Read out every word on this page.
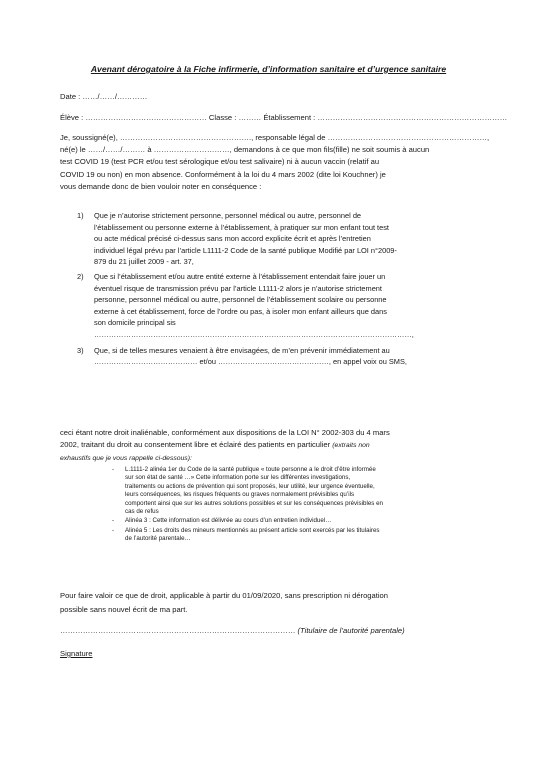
Avenant dérogatoire à la Fiche infirmerie, d’information sanitaire et d’urgence sanitaire
Date : ……/……/…………
Élève : ………………………………………… Classe : ……… Établissement : …………………………………………………………………
Je, soussigné(e), ……………………………………………., responsable légal de ………………………………………………………,
né(e) le ……/……/……… à …………………………, demandons à ce que mon fils(fille) ne soit soumis à aucun
test COVID 19 (test PCR et/ou test sérologique et/ou test salivaire) ni à aucun vaccin (relatif au
COVID 19 ou non) en mon absence. Conformément à la loi du 4 mars 2002 (dite loi Kouchner) je
vous demande donc de bien vouloir noter en conséquence :
1) Que je n’autorise strictement personne, personnel médical ou autre, personnel de
l’établissement ou personne externe à l’établissement, à pratiquer sur mon enfant tout test
ou acte médical précisé ci-dessus sans mon accord explicite écrit et après l’entretien
individuel légal prévu par l’article L1111-2 Code de la santé publique Modifié par LOI n°2009-
879 du 21 juillet 2009 - art. 37,
2) Que si l’établissement et/ou autre entité externe à l’établissement entendait faire jouer un
éventuel risque de transmission prévu par l’article L1111-2 alors je n’autorise strictement
personne, personnel médical ou autre, personnel de l’établissement scolaire ou personne
externe à cet établissement, force de l’ordre ou pas, à isoler mon enfant ailleurs que dans
son domicile principal sis
…………………………………………………………………………………………………………………,
3) Que, si de telles mesures venaient à être envisagées, de m’en prévenir immédiatement au
…………………………………… et/ou ………………………………………, en appel voix ou SMS,
ceci étant notre droit inaliénable, conformément aux dispositions de la LOI N° 2002-303 du 4 mars
2002, traitant du droit au consentement libre et éclairé des patients en particulier (extraits non
exhaustifs que je vous rappelle ci-dessous):
- L.1111-2 alinéa 1er du Code de la santé publique « toute personne a le droit d’être informée
sur son état de santé …» Cette information porte sur les différentes investigations,
traitements ou actions de prévention qui sont proposés, leur utilité, leur urgence éventuelle,
leurs conséquences, les risques fréquents ou graves normalement prévisibles qu’ils
comportent ainsi que sur les autres solutions possibles et sur les conséquences prévisibles en
cas de refus
- Alinéa 3 : Cette information est délivrée au cours d’un entretien individuel…
- Alinéa 5 : Les droits des mineurs mentionnés au présent article sont exercés par les titulaires
de l’autorité parentale…
Pour faire valoir ce que de droit, applicable à partir du 01/09/2020, sans prescription ni dérogation
possible sans nouvel écrit de ma part.
………………………………………………………………………………… (Titulaire de l’autorité parentale)
Signature
